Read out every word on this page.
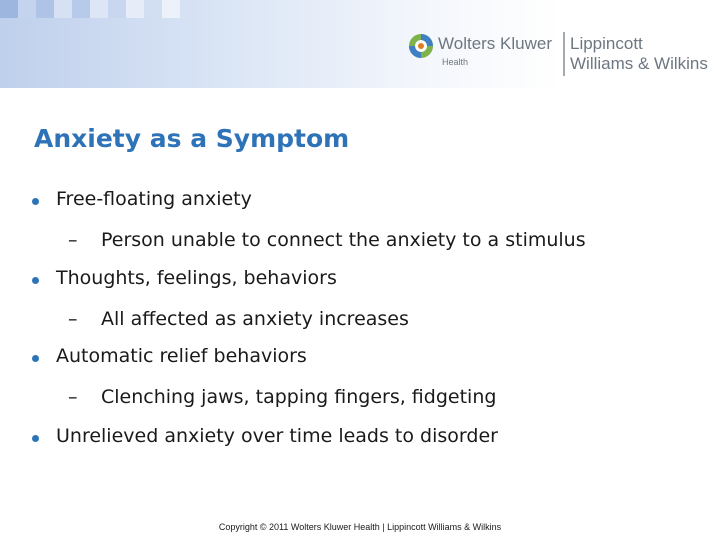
Wolters Kluwer
Health
Lippincott
Williams & Wilkins
Anxiety as a Symptom
Free-floating anxiety
– Person unable to connect the anxiety to a stimulus
Thoughts, feelings, behaviors
– All affected as anxiety increases
Automatic relief behaviors
– Clenching jaws, tapping fingers, fidgeting
Unrelieved anxiety over time leads to disorder
Copyright © 2011 Wolters Kluwer Health | Lippincott Williams & Wilkins
